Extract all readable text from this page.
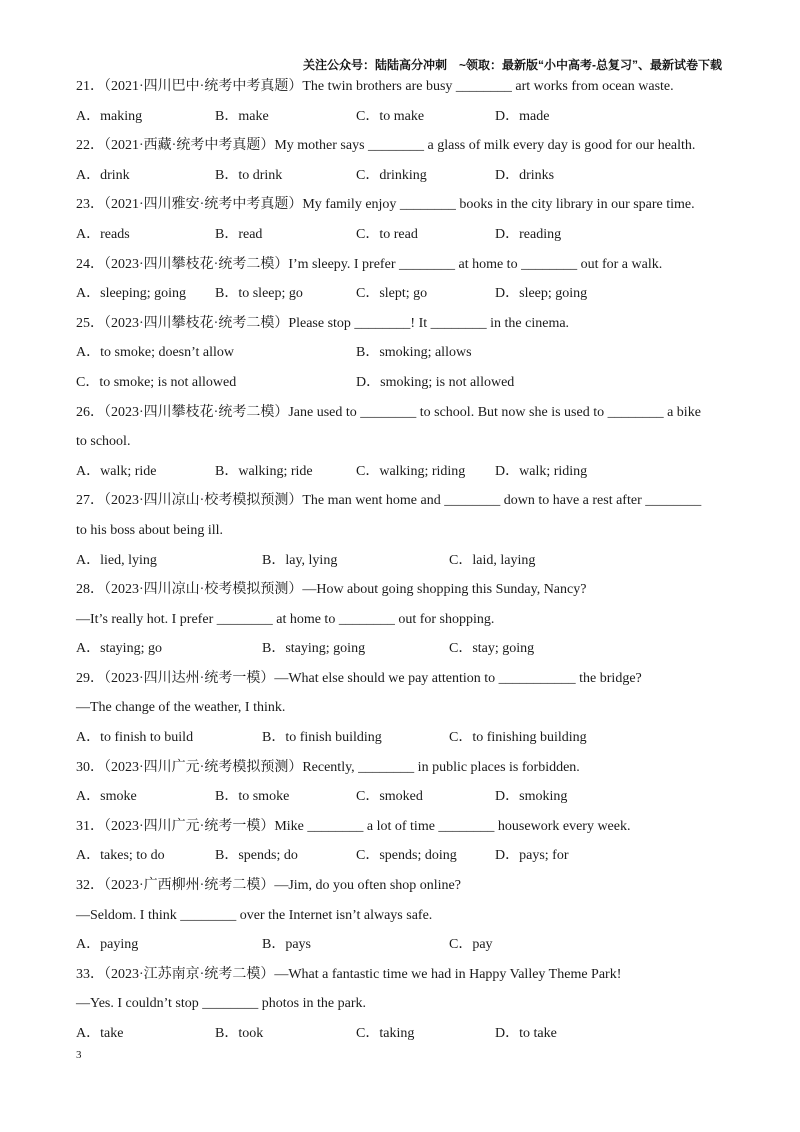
关注公众号：陆陆高分冲刺　~领取：最新版“小中高考-总复习”、最新试卷下载
21．（2021·四川巴中·统考中考真题）The twin brothers are busy ________ art works from ocean waste.
A．making	B．make	C．to make	D．made
22．（2021·西藏·统考中考真题）My mother says ________ a glass of milk every day is good for our health.
A．drink	B．to drink	C．drinking	D．drinks
23．（2021·四川雅安·统考中考真题）My family enjoy ________ books in the city library in our spare time.
A．reads	B．read	C．to read	D．reading
24．（2023·四川攀枝花·统考二模）I’m sleepy. I prefer ________ at home to ________ out for a walk.
A．sleeping; going B．to sleep; go	C．slept; go	D．sleep; going
25．（2023·四川攀枝花·统考二模）Please stop ________! It ________ in the cinema.
A．to smoke; doesn’t allow	B．smoking; allows
C．to smoke; is not allowed	D．smoking; is not allowed
26．（2023·四川攀枝花·统考二模）Jane used to ________ to school. But now she is used to ________ a bike
to school.
A．walk; ride	B．walking; ride	C．walking; riding D．walk; riding
27．（2023·四川凉山·校考模拟预测）The man went home and ________ down to have a rest after ________
to his boss about being ill.
A．lied, lying	B．lay, lying	C．laid, laying
28．（2023·四川凉山·校考模拟预测）—How about going shopping this Sunday, Nancy?
—It’s really hot. I prefer ________ at home to ________ out for shopping.
A．staying; go	B．staying; going	C．stay; going
29．（2023·四川达州·统考一模）—What else should we pay attention to ___________ the bridge?
—The change of the weather, I think.
A．to finish to build	B．to finish building	C．to finishing building
30．（2023·四川广元·统考模拟预测）Recently, ________ in public places is forbidden.
A．smoke	B．to smoke	C．smoked	D．smoking
31．（2023·四川广元·统考一模）Mike ________ a lot of time ________ housework every week.
A．takes; to do	B．spends; do	C．spends; doing	D．pays; for
32．（2023·广西柳州·统考二模）—Jim, do you often shop online?
—Seldom. I think ________ over the Internet isn’t always safe.
A．paying	B．pays	C．pay
33．（2023·江苏南京·统考二模）—What a fantastic time we had in Happy Valley Theme Park!
—Yes. I couldn’t stop ________ photos in the park.
A．take	B．took	C．taking	D．to take
3
